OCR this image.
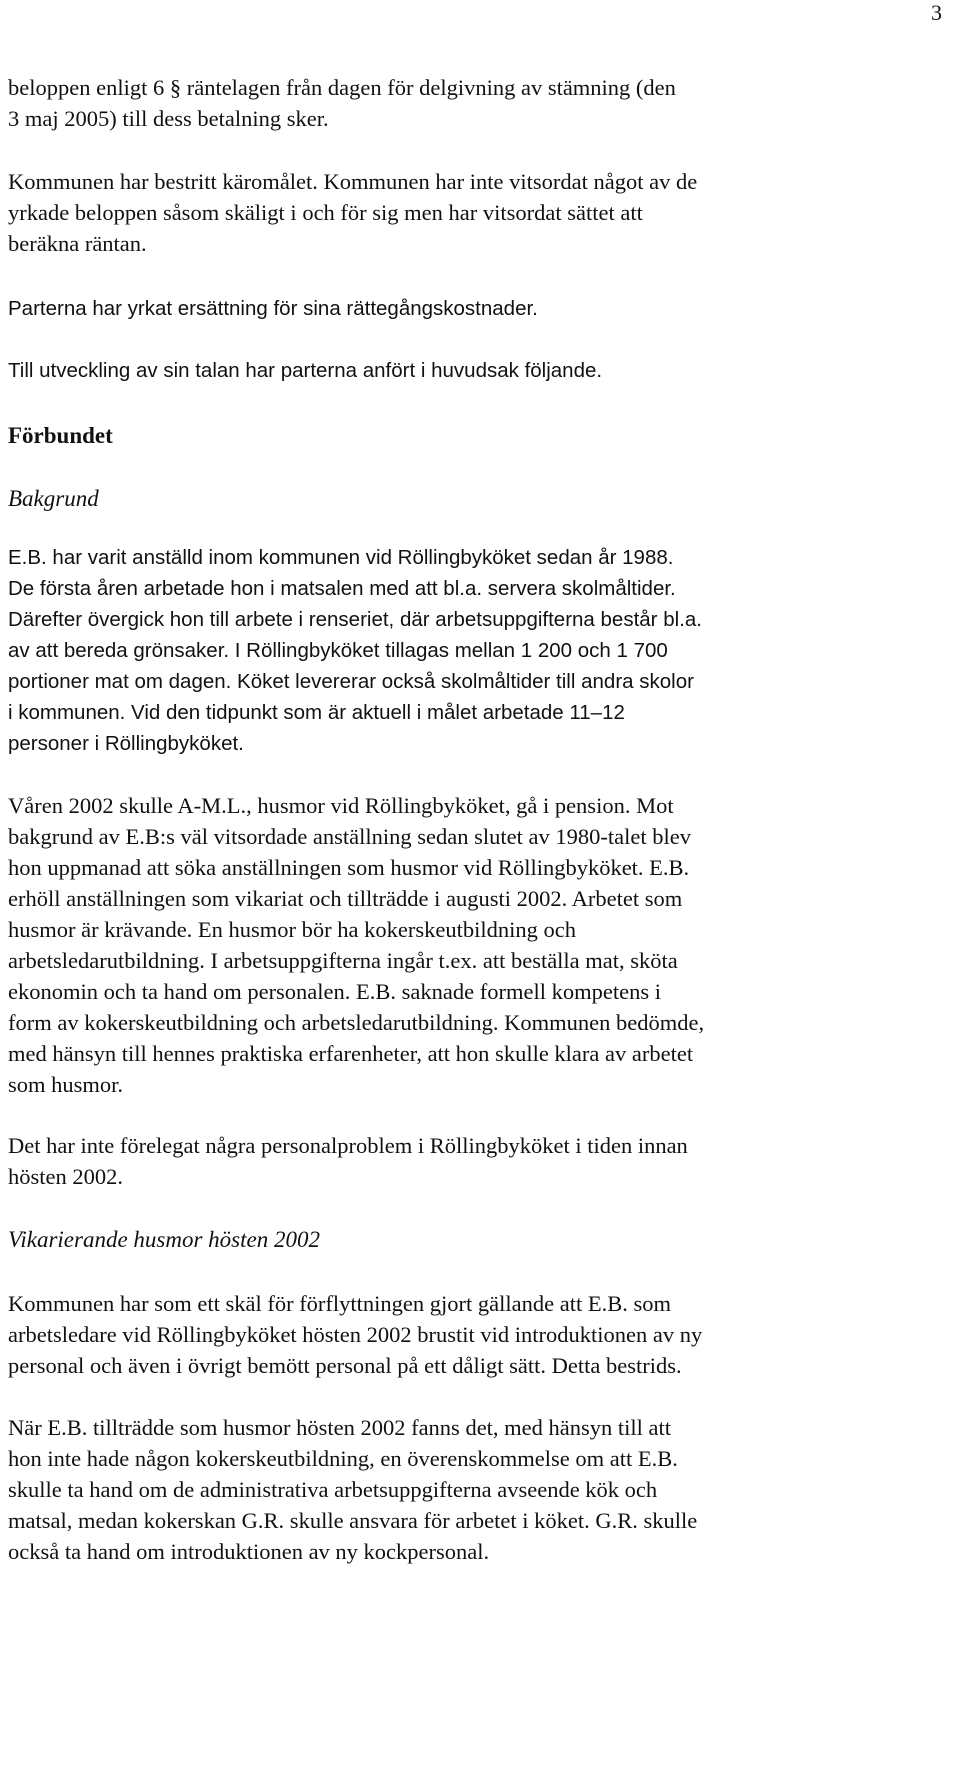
3
beloppen enligt 6 § räntelagen från dagen för delgivning av stämning (den
3 maj 2005) till dess betalning sker.
Kommunen har bestritt käromålet. Kommunen har inte vitsordat något av de
yrkade beloppen såsom skäligt i och för sig men har vitsordat sättet att
beräkna räntan.
Parterna har yrkat ersättning för sina rättegångskostnader.
Till utveckling av sin talan har parterna anfört i huvudsak följande.
Förbundet
Bakgrund
E.B. har varit anställd inom kommunen vid Röllingbyköket sedan år 1988.
De första åren arbetade hon i matsalen med att bl.a. servera skolmåltider.
Därefter övergick hon till arbete i renseriet, där arbetsuppgifterna består bl.a.
av att bereda grönsaker. I Röllingbyköket tillagas mellan 1 200 och 1 700
portioner mat om dagen. Köket levererar också skolmåltider till andra skolor
i kommunen. Vid den tidpunkt som är aktuell i målet arbetade 11–12
personer i Röllingbyköket.
Våren 2002 skulle A-M.L., husmor vid Röllingbyköket, gå i pension. Mot
bakgrund av E.B:s väl vitsordade anställning sedan slutet av 1980-talet blev
hon uppmanad att söka anställningen som husmor vid Röllingbyköket. E.B.
erhöll anställningen som vikariat och tillträdde i augusti 2002. Arbetet som
husmor är krävande. En husmor bör ha kokerskeutbildning och
arbetsledarutbildning. I arbetsuppgifterna ingår t.ex. att beställa mat, sköta
ekonomin och ta hand om personalen. E.B. saknade formell kompetens i
form av kokerskeutbildning och arbetsledarutbildning. Kommunen bedömde,
med hänsyn till hennes praktiska erfarenheter, att hon skulle klara av arbetet
som husmor.
Det har inte förelegat några personalproblem i Röllingbyköket i tiden innan
hösten 2002.
Vikarierande husmor hösten 2002
Kommunen har som ett skäl för förflyttningen gjort gällande att E.B. som
arbetsledare vid Röllingbyköket hösten 2002 brustit vid introduktionen av ny
personal och även i övrigt bemött personal på ett dåligt sätt. Detta bestrids.
När E.B. tillträdde som husmor hösten 2002 fanns det, med hänsyn till att
hon inte hade någon kokerskeutbildning, en överenskommelse om att E.B.
skulle ta hand om de administrativa arbetsuppgifterna avseende kök och
matsal, medan kokerskan G.R. skulle ansvara för arbetet i köket. G.R. skulle
också ta hand om introduktionen av ny kockpersonal.
